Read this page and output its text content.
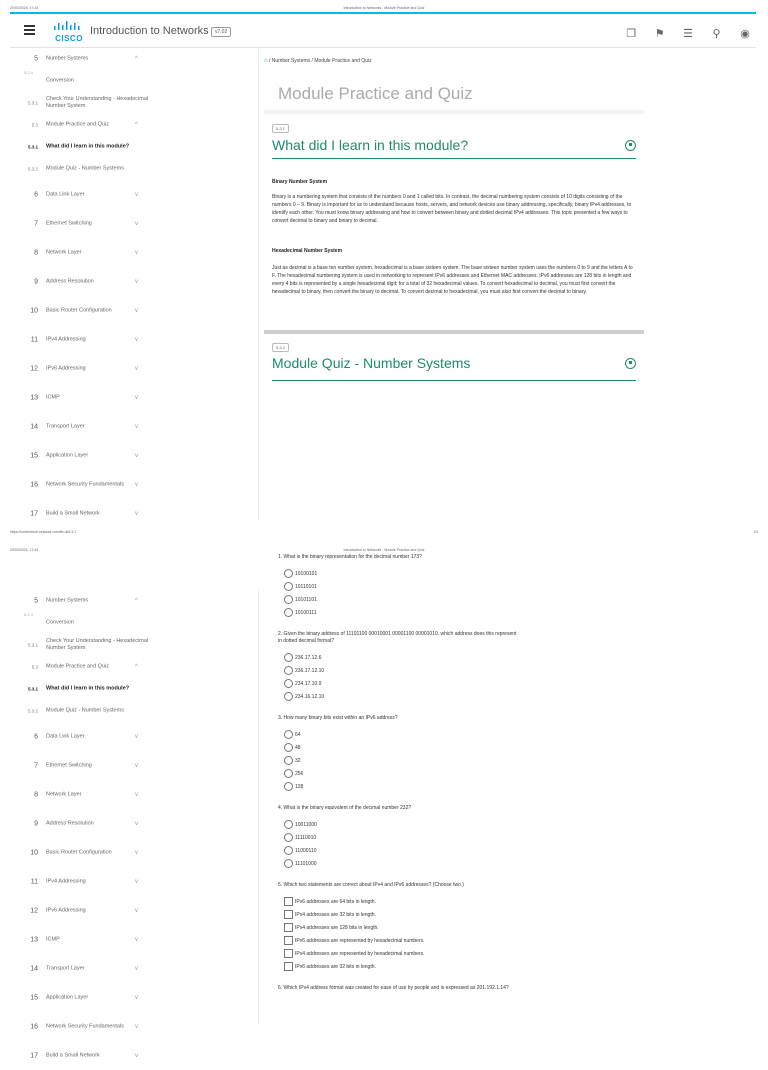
20/03/2024, 17:43	Introduction to Networks - Module Practice and Quiz
CISCO
Introduction to Networks	v7.02	❐ ⚑ ☰ ⚲ ◉
5.2.4
5 Number Systems	^
Conversion
5.3.1
Check Your Understanding - Hexadecimal Number System
5.3 Module Practice and Quiz	^
5.3.1 What did I learn in this module?
5.3.2 Module Quiz - Number Systems
6 Data Link Layer	v
7 Ethernet Switching	v
8 Network Layer	v
9 Address Resolution	v
10 Basic Router Configuration	v
11 IPv4 Addressing	v
12 IPv6 Addressing	v
13 ICMP	v
14 Transport Layer	v
15 Application Layer	v
16 Network Security Fundamentals	v
17 Build a Small Network	v
⌂ / Number Systems / Module Practice and Quiz
Module Practice and Quiz
5.3.1
What did I learn in this module?
Binary Number System
Binary is a numbering system that consists of the numbers 0 and 1 called bits. In contrast, the decimal numbering system consists of 10 digits consisting of the numbers 0 – 9. Binary is important for us to understand because hosts, servers, and network devices use binary addressing, specifically, binary IPv4 addresses, to identify each other. You must know binary addressing and how to convert between binary and dotted decimal IPv4 addresses. This topic presented a few ways to convert decimal to binary and binary to decimal.
Hexadecimal Number System
Just as decimal is a base ten number system, hexadecimal is a base sixteen system. The base sixteen number system uses the numbers 0 to 9 and the letters A to F. The hexadecimal numbering system is used in networking to represent IPv6 addresses and Ethernet MAC addresses. IPv6 addresses are 128 bits in length and every 4 bits is represented by a single hexadecimal digit; for a total of 32 hexadecimal values. To convert hexadecimal to decimal, you must first convert the hexadecimal to binary, then convert the binary to decimal. To convert decimal to hexadecimal, you must also first convert the decimal to binary.
5.3.2
Module Quiz - Number Systems
https://contenthub.netacad.com/itn-dl/5.3.1	1/4
20/03/2024, 17:43	Introduction to Networks - Module Practice and Quiz
5.2.4
5 Number Systems	^
Conversion
5.3.1
Check Your Understanding - Hexadecimal Number System
5.3 Module Practice and Quiz	^
5.3.1 What did I learn in this module?
5.3.2 Module Quiz - Number Systems
6 Data Link Layer	v
7 Ethernet Switching	v
8 Network Layer	v
9 Address Resolution	v
10 Basic Router Configuration	v
11 IPv4 Addressing	v
12 IPv6 Addressing	v
13 ICMP	v
14 Transport Layer	v
15 Application Layer	v
16 Network Security Fundamentals	v
17 Build a Small Network	v
1. What is the binary representation for the decimal number 173?
10100101
10110101
10101101
10100111
2. Given the binary address of 11101100 00010001 00001100 00001010, which address does this represent in dotted decimal format?
236.17.12.6
236.17.12.10
234.17.10.9
234.16.12.10
3. How many binary bits exist within an IPv6 address?
64
48
32
256
128
4. What is the binary equivalent of the decimal number 232?
10011000
11110010
11000110
11101000
5. Which two statements are correct about IPv4 and IPv6 addresses? (Choose two.)
IPv6 addresses are 64 bits in length.
IPv4 addresses are 32 bits in length.
IPv4 addresses are 128 bits in length.
IPv6 addresses are represented by hexadecimal numbers.
IPv4 addresses are represented by hexadecimal numbers.
IPv6 addresses are 32 bits in length.
6. Which IPv4 address format was created for ease of use by people and is expressed as 201.192.1.14?
